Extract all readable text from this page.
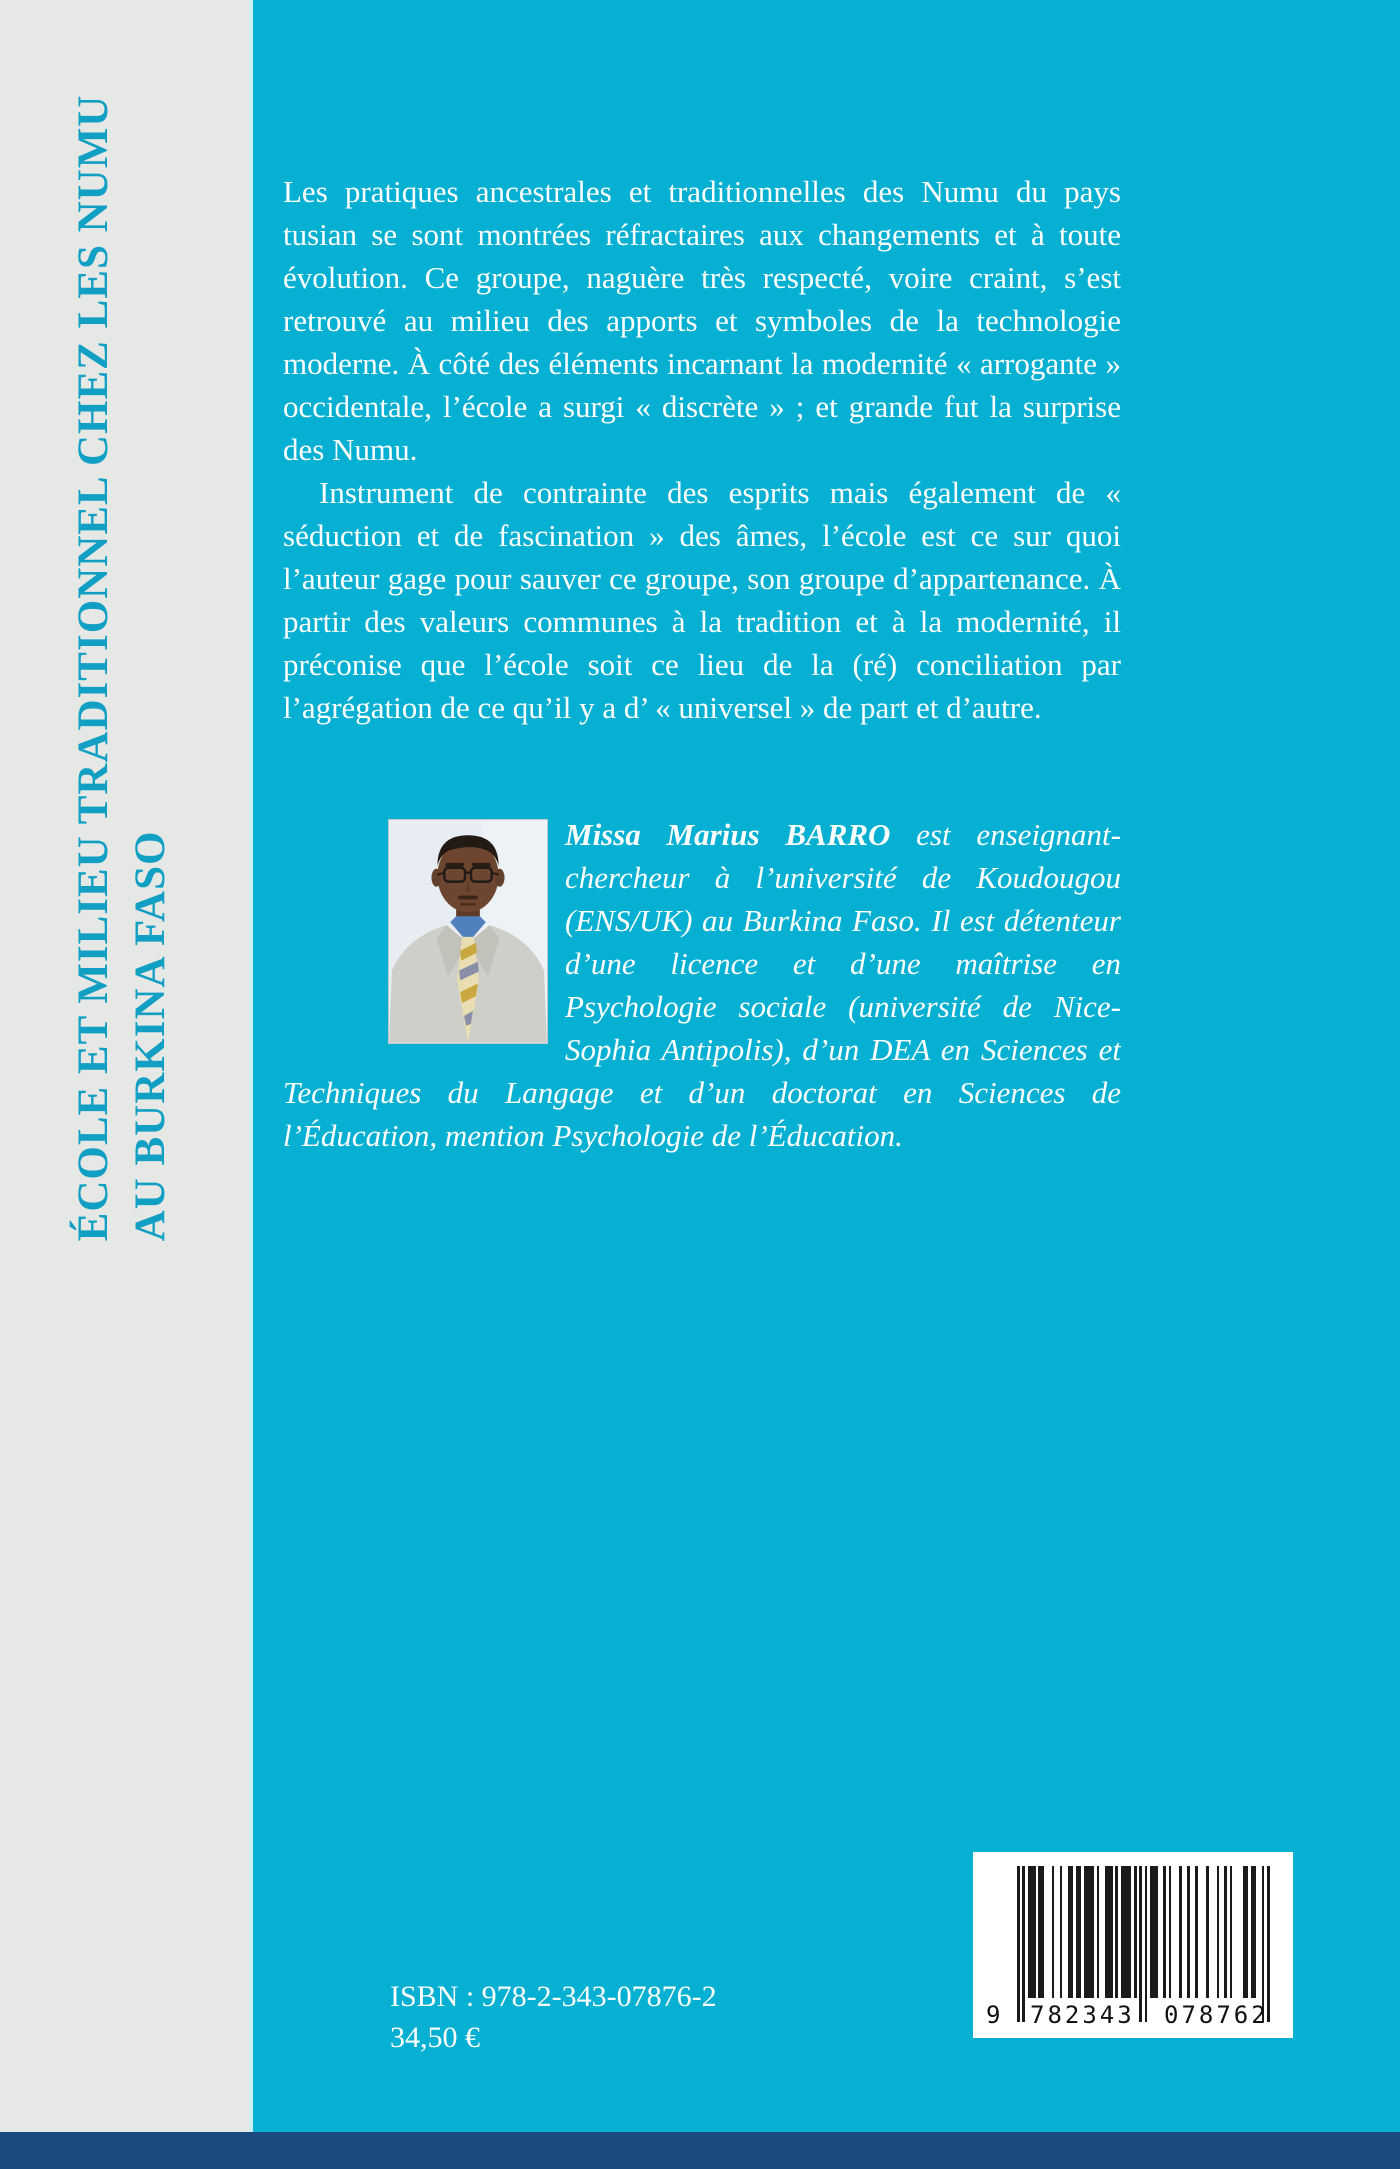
ÉCOLE ET MILIEU TRADITIONNEL CHEZ LES NUMU AU BURKINA FASO

Les pratiques ancestrales et traditionnelles des Numu du pays tusian se sont montrées réfractaires aux changements et à toute évolution. Ce groupe, naguère très respecté, voire craint, s’est retrouvé au milieu des apports et symboles de la technologie moderne. À côté des éléments incarnant la modernité « arrogante » occidentale, l’école a surgi « discrète » ; et grande fut la surprise des Numu.

Instrument de contrainte des esprits mais également de « séduction et de fascination » des âmes, l’école est ce sur quoi l’auteur gage pour sauver ce groupe, son groupe d’appartenance. À partir des valeurs communes à la tradition et à la modernité, il préconise que l’école soit ce lieu de la (ré) conciliation par l’agrégation de ce qu’il y a d’ « universel » de part et d’autre.

Missa Marius BARRO est enseignant-chercheur à l’université de Koudougou (ENS/UK) au Burkina Faso. Il est détenteur d’une licence et d’une maîtrise en Psychologie sociale (université de Nice-Sophia Antipolis), d’un DEA en Sciences et Techniques du Langage et d’un doctorat en Sciences de l’Éducation, mention Psychologie de l’Éducation.

ISBN : 978-2-343-07876-2
34,50 €
9 782343 078762
